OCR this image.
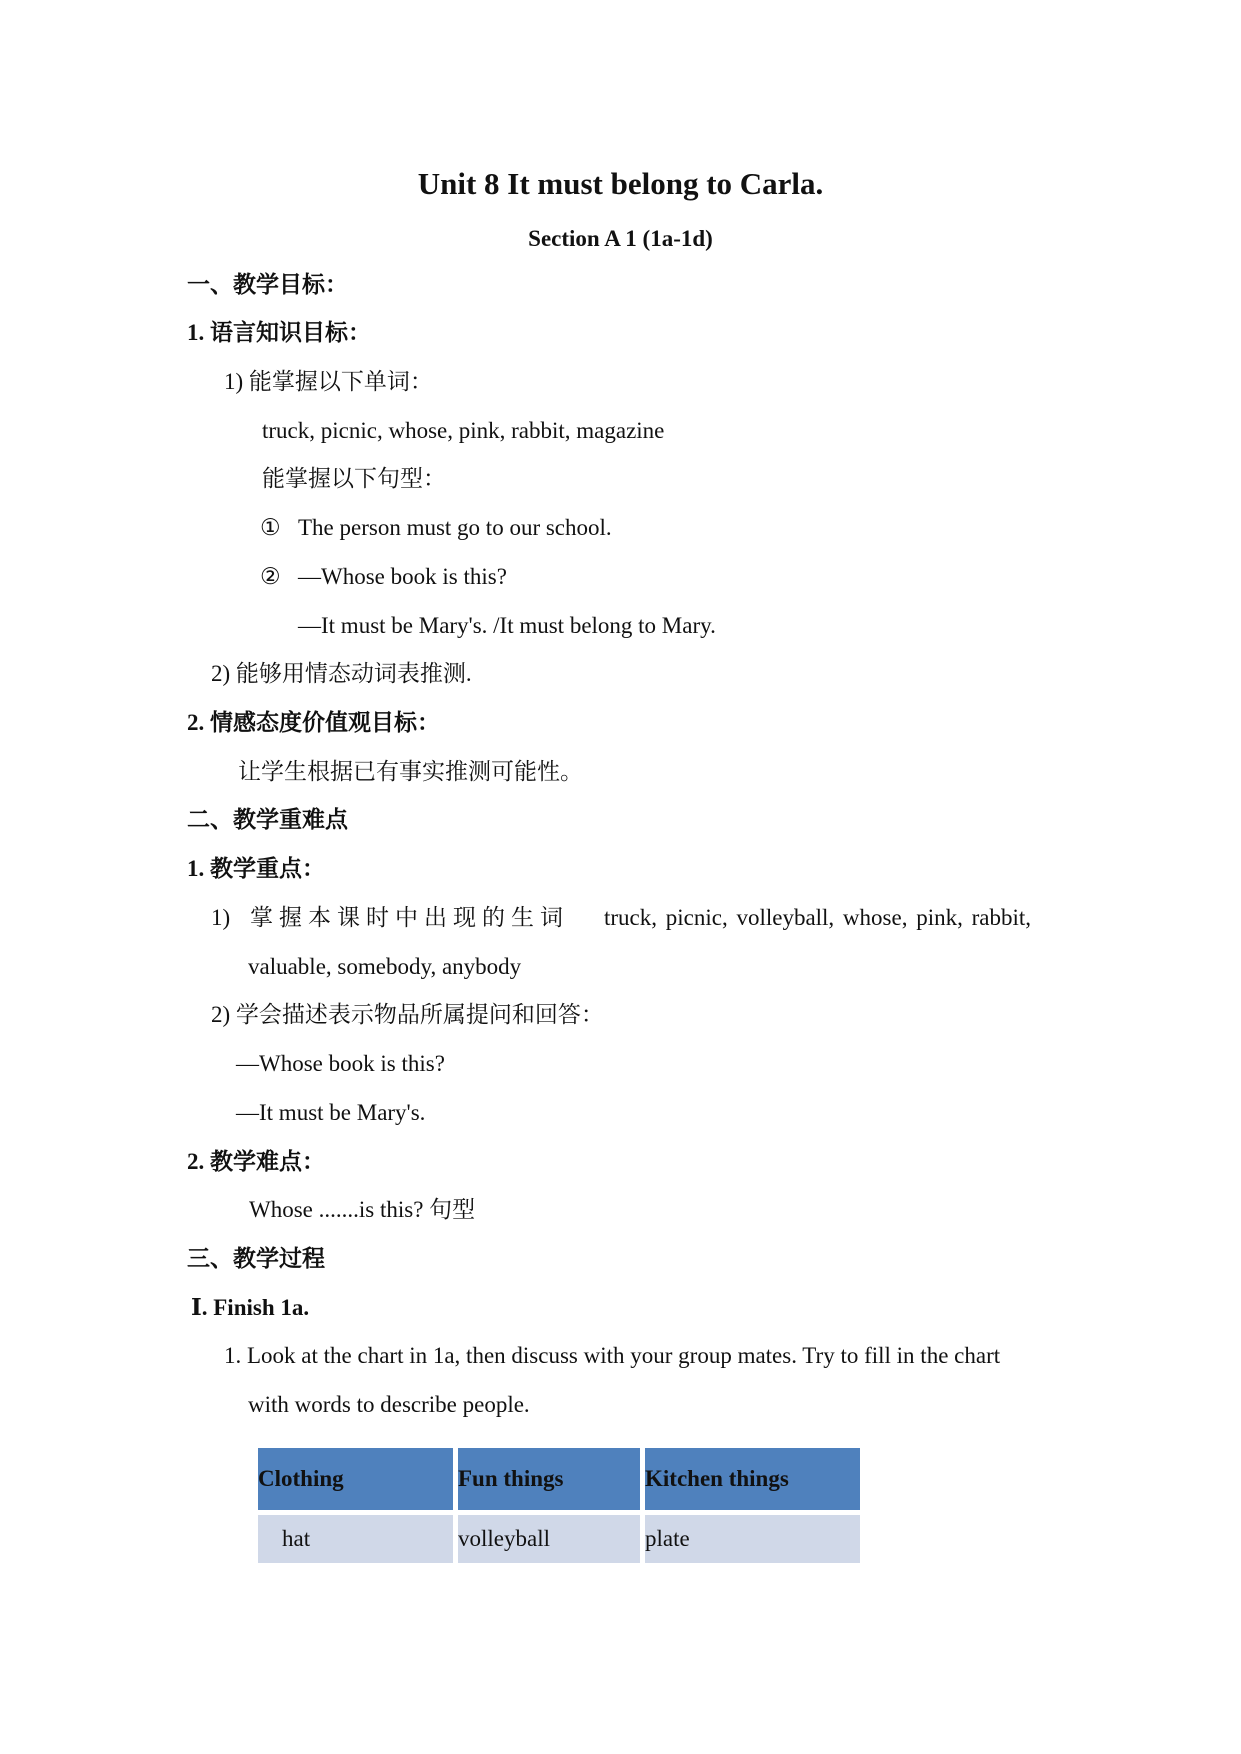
Unit 8 It must belong to Carla.
Section A 1 (1a-1d)
一、教学目标：
1. 语言知识目标：
1) 能掌握以下单词：
truck, picnic, whose, pink, rabbit, magazine
能掌握以下句型：
① The person must go to our school.
② —Whose book is this?
—It must be Mary's. /It must belong to Mary.
2) 能够用情态动词表推测.
2. 情感态度价值观目标：
让学生根据已有事实推测可能性。
二、教学重难点
1. 教学重点：
1) 掌握本课时中出现的生词 truck, picnic, volleyball, whose, pink, rabbit,
valuable, somebody, anybody
2) 学会描述表示物品所属提问和回答：
—Whose book is this?
—It must be Mary's.
2. 教学难点：
Whose .......is this? 句型
三、教学过程
Ⅰ. Finish 1a.
1. Look at the chart in 1a, then discuss with your group mates. Try to fill in the chart
with words to describe people.
Clothing	Fun things	Kitchen things
hat	volleyball	plate
